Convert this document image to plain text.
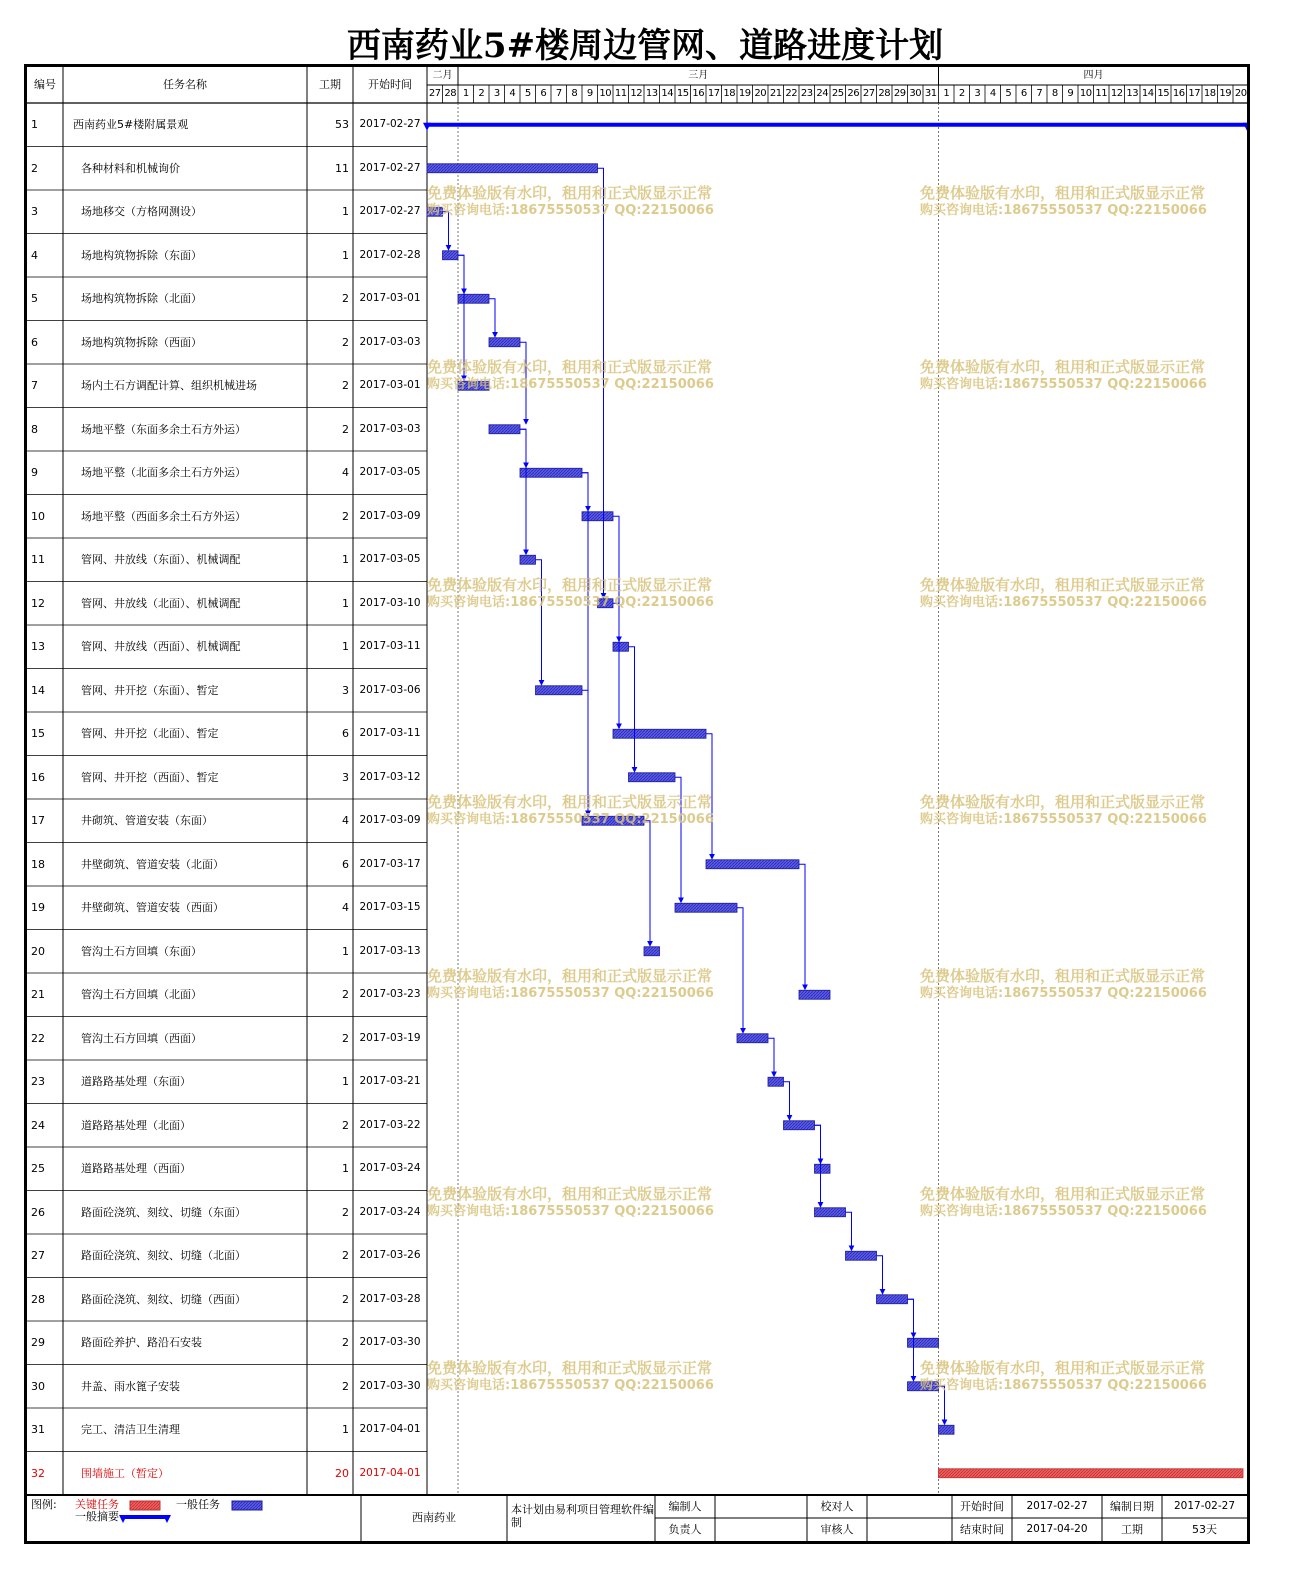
西南药业5#楼周边管网、道路进度计划
编号	任务名称	工期	开始时间
二月
27 28
三月
1 2 3 4 5 6 7 8 9 10 11 12 13 14 15 16 17 18 19 20 21 22 23 24 25 26 27 28 29 30 31
四月
1 2 3 4 5 6 7 8 9 10 11 12 13 14 15 16 17 18 19 20
1	西南药业5#楼附属景观	53 2017-02-27
2	各种材料和机械询价	11 2017-02-27
3	场地移交（方格网测设）	1 2017-02-27
4	场地构筑物拆除（东面）	1 2017-02-28
5	场地构筑物拆除（北面）	2 2017-03-01
6	场地构筑物拆除（西面）	2 2017-03-03
7	场内土石方调配计算、组织机械进场	2 2017-03-01
8	场地平整（东面多余土石方外运）	2 2017-03-03
9	场地平整（北面多余土石方外运）	4 2017-03-05
10	场地平整（西面多余土石方外运）	2 2017-03-09
11	管网、井放线（东面）、机械调配	1 2017-03-05
12	管网、井放线（北面）、机械调配	1 2017-03-10
13	管网、井放线（西面）、机械调配	1 2017-03-11
14	管网、井开挖（东面）、暂定	3 2017-03-06
15	管网、井开挖（北面）、暂定	6 2017-03-11
16	管网、井开挖（西面）、暂定	3 2017-03-12
17	井砌筑、管道安装（东面）	4 2017-03-09
18	井壁砌筑、管道安装（北面）	6 2017-03-17
19	井壁砌筑、管道安装（西面）	4 2017-03-15
20	管沟土石方回填（东面）	1 2017-03-13
21	管沟土石方回填（北面）	2 2017-03-23
22	管沟土石方回填（西面）	2 2017-03-19
23	道路路基处理（东面）	1 2017-03-21
24	道路路基处理（北面）	2 2017-03-22
25	道路路基处理（西面）	1 2017-03-24
26	路面砼浇筑、刻纹、切缝（东面）	2 2017-03-24
27	路面砼浇筑、刻纹、切缝（北面）	2 2017-03-26
28	路面砼浇筑、刻纹、切缝（西面）	2 2017-03-28
29	路面砼养护、路沿石安装	2 2017-03-30
30	井盖、雨水篦子安装	2 2017-03-30
31	完工、清洁卫生清理	1 2017-04-01
32	围墙施工（暂定）	20 2017-04-01
免费体验版有水印，租用和正式版显示正常
购买咨询电话:18675550537 QQ:22150066
免费体验版有水印，租用和正式版显示正常
购买咨询电话:18675550537 QQ:22150066
免费体验版有水印，租用和正式版显示正常
购买咨询电话:18675550537 QQ:22150066
免费体验版有水印，租用和正式版显示正常
购买咨询电话:18675550537 QQ:22150066
免费体验版有水印，租用和正式版显示正常
购买咨询电话:18675550537 QQ:22150066
免费体验版有水印，租用和正式版显示正常
购买咨询电话:18675550537 QQ:22150066
免费体验版有水印，租用和正式版显示正常
购买咨询电话:18675550537 QQ:22150066
免费体验版有水印，租用和正式版显示正常
购买咨询电话:18675550537 QQ:22150066
免费体验版有水印，租用和正式版显示正常
购买咨询电话:18675550537 QQ:22150066
免费体验版有水印，租用和正式版显示正常
购买咨询电话:18675550537 QQ:22150066
免费体验版有水印，租用和正式版显示正常
购买咨询电话:18675550537 QQ:22150066
免费体验版有水印，租用和正式版显示正常
购买咨询电话:18675550537 QQ:22150066
免费体验版有水印，租用和正式版显示正常
购买咨询电话:18675550537 QQ:22150066
免费体验版有水印，租用和正式版显示正常
购买咨询电话:18675550537 QQ:22150066
图例:	关键任务	一般任务
一般摘要	西南药业
本计划由易利项目管理软件编制
编制人
负责人
校对人
审核人
开始时间	2017-02-27
结束时间	2017-04-20
编制日期	2017-02-27
工期	53天
